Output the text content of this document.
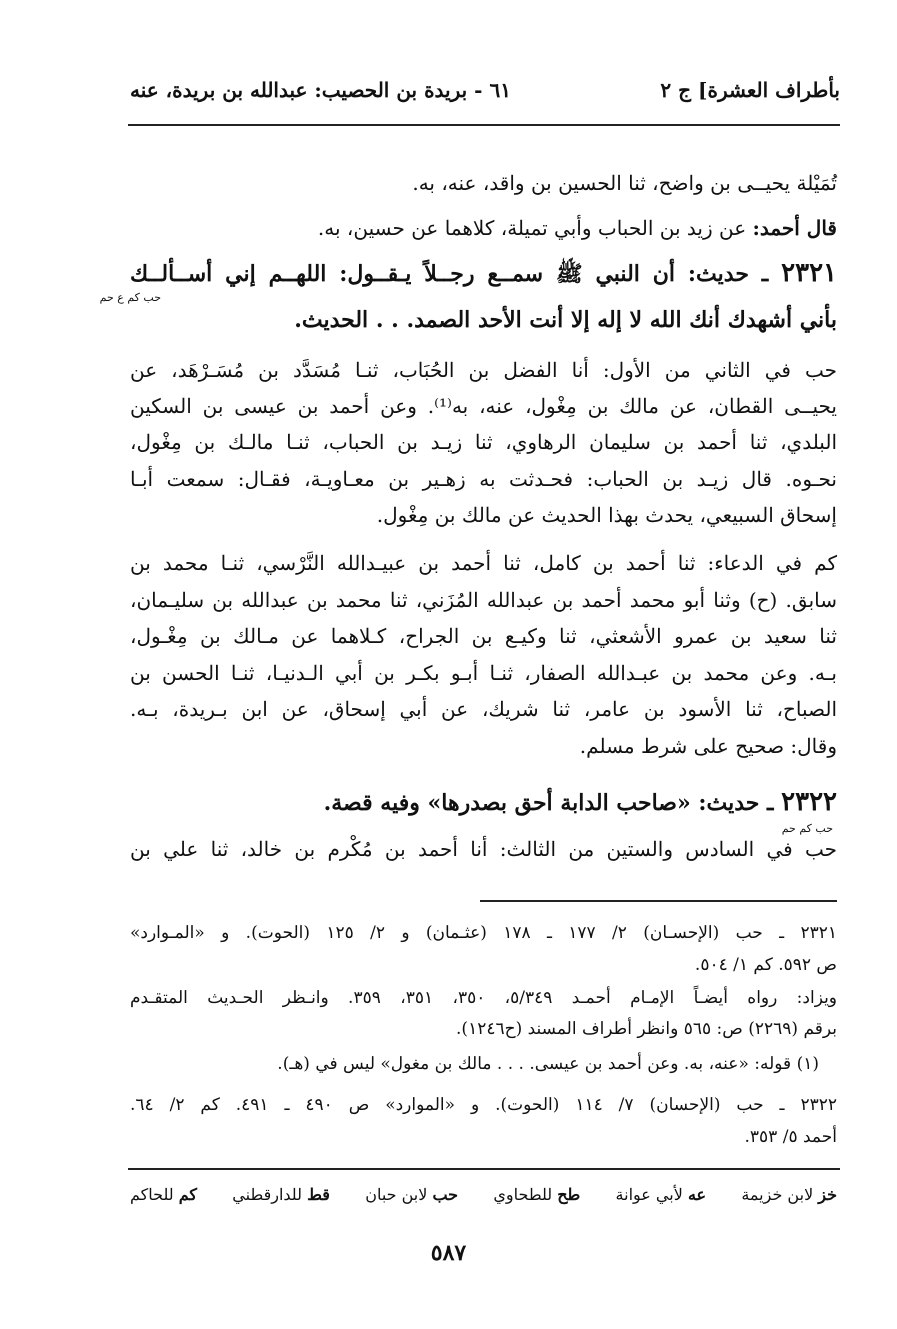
بأطراف العشرة] ج ٢
٦١ - بريدة بن الحصيب: عبدالله بن بريدة، عنه
تُمَيْلة يحيــى بن واضح، ثنا الحسين بن واقد، عنه، به.
قال أحمد: عن زيد بن الحباب وأبي تميلة، كلاهما عن حسين، به.
٢٣٢١ ـ حديث: أن النبي ﷺ سمــع رجــلاً يـقــول: اللهــم إني أســألــك
حب كم ع حم
بأني أشهدك أنك الله لا إله إلا أنت الأحد الصمد. . . الحديث.
حب في الثاني من الأول: أنا الفضل بن الحُبَاب، ثنـا مُسَدَّد بن مُسَـرْهَد، عن
يحيــى القطان، عن مالك بن مِغْول، عنه، به⁽¹⁾. وعن أحمد بن عيسى بن السكين
البلدي، ثنا أحمد بن سليمان الرهاوي، ثنا زيـد بن الحباب، ثنـا مالـك بن مِغْول،
نحـوه. قال زيـد بن الحباب: فحـدثت به زهـير بن معـاويـة، فقـال: سمعت أبـا
إسحاق السبيعي، يحدث بهذا الحديث عن مالك بن مِغْول.
كم في الدعاء: ثنا أحمد بن كامل، ثنا أحمد بن عبيـدالله النَّرْسي، ثنـا محمد بن
سابق. (ح) وثنا أبو محمد أحمد بن عبدالله المُزَني، ثنا محمد بن عبدالله بن سليـمان،
ثنا سعيد بن عمرو الأشعثي، ثنا وكيـع بن الجراح، كـلاهما عن مـالك بن مِغْـول،
بـه. وعن محمد بن عبـدالله الصفار، ثنـا أبـو بكـر بن أبي الـدنيـا، ثنـا الحسن بن
الصباح، ثنا الأسود بن عامر، ثنا شريك، عن أبي إسحاق، عن ابن بـريدة، بـه.
وقال: صحيح على شرط مسلم.
٢٣٢٢ ـ حديث: «صاحب الدابة أحق بصدرها» وفيه قصة.
حب كم حم
حب في السادس والستين من الثالث: أنا أحمد بن مُكْرم بن خالد، ثنا علي بن
٢٣٢١ ـ حب (الإحسـان) ٢/ ١٧٧ ـ ١٧٨ (عثـمان) و ٢/ ١٢٥ (الحوت). و «المـوارد»
ص ٥٩٢. كم ١/ ٥٠٤.
ويزاد: رواه أيضـاً الإمـام أحمـد ٥/٣٤٩، ٣٥٠، ٣٥١، ٣٥٩. وانـظر الحـديث المتقـدم
برقم (٢٢٦٩) ص: ٥٦٥ وانظر أطراف المسند (ح١٢٤٦).
(١) قوله: «عنه، به. وعن أحمد بن عيسى. . . . مالك بن مغول» ليس في (هـ).
٢٣٢٢ ـ حب (الإحسان) ٧/ ١١٤ (الحوت). و «الموارد» ص ٤٩٠ ـ ٤٩١. كم ٢/ ٦٤.
أحمد ٥/ ٣٥٣.
خز لابن خزيمة
عه لأبي عوانة
طح للطحاوي
حب لابن حبان
قط للدارقطني
كم للحاكم
٥٨٧
